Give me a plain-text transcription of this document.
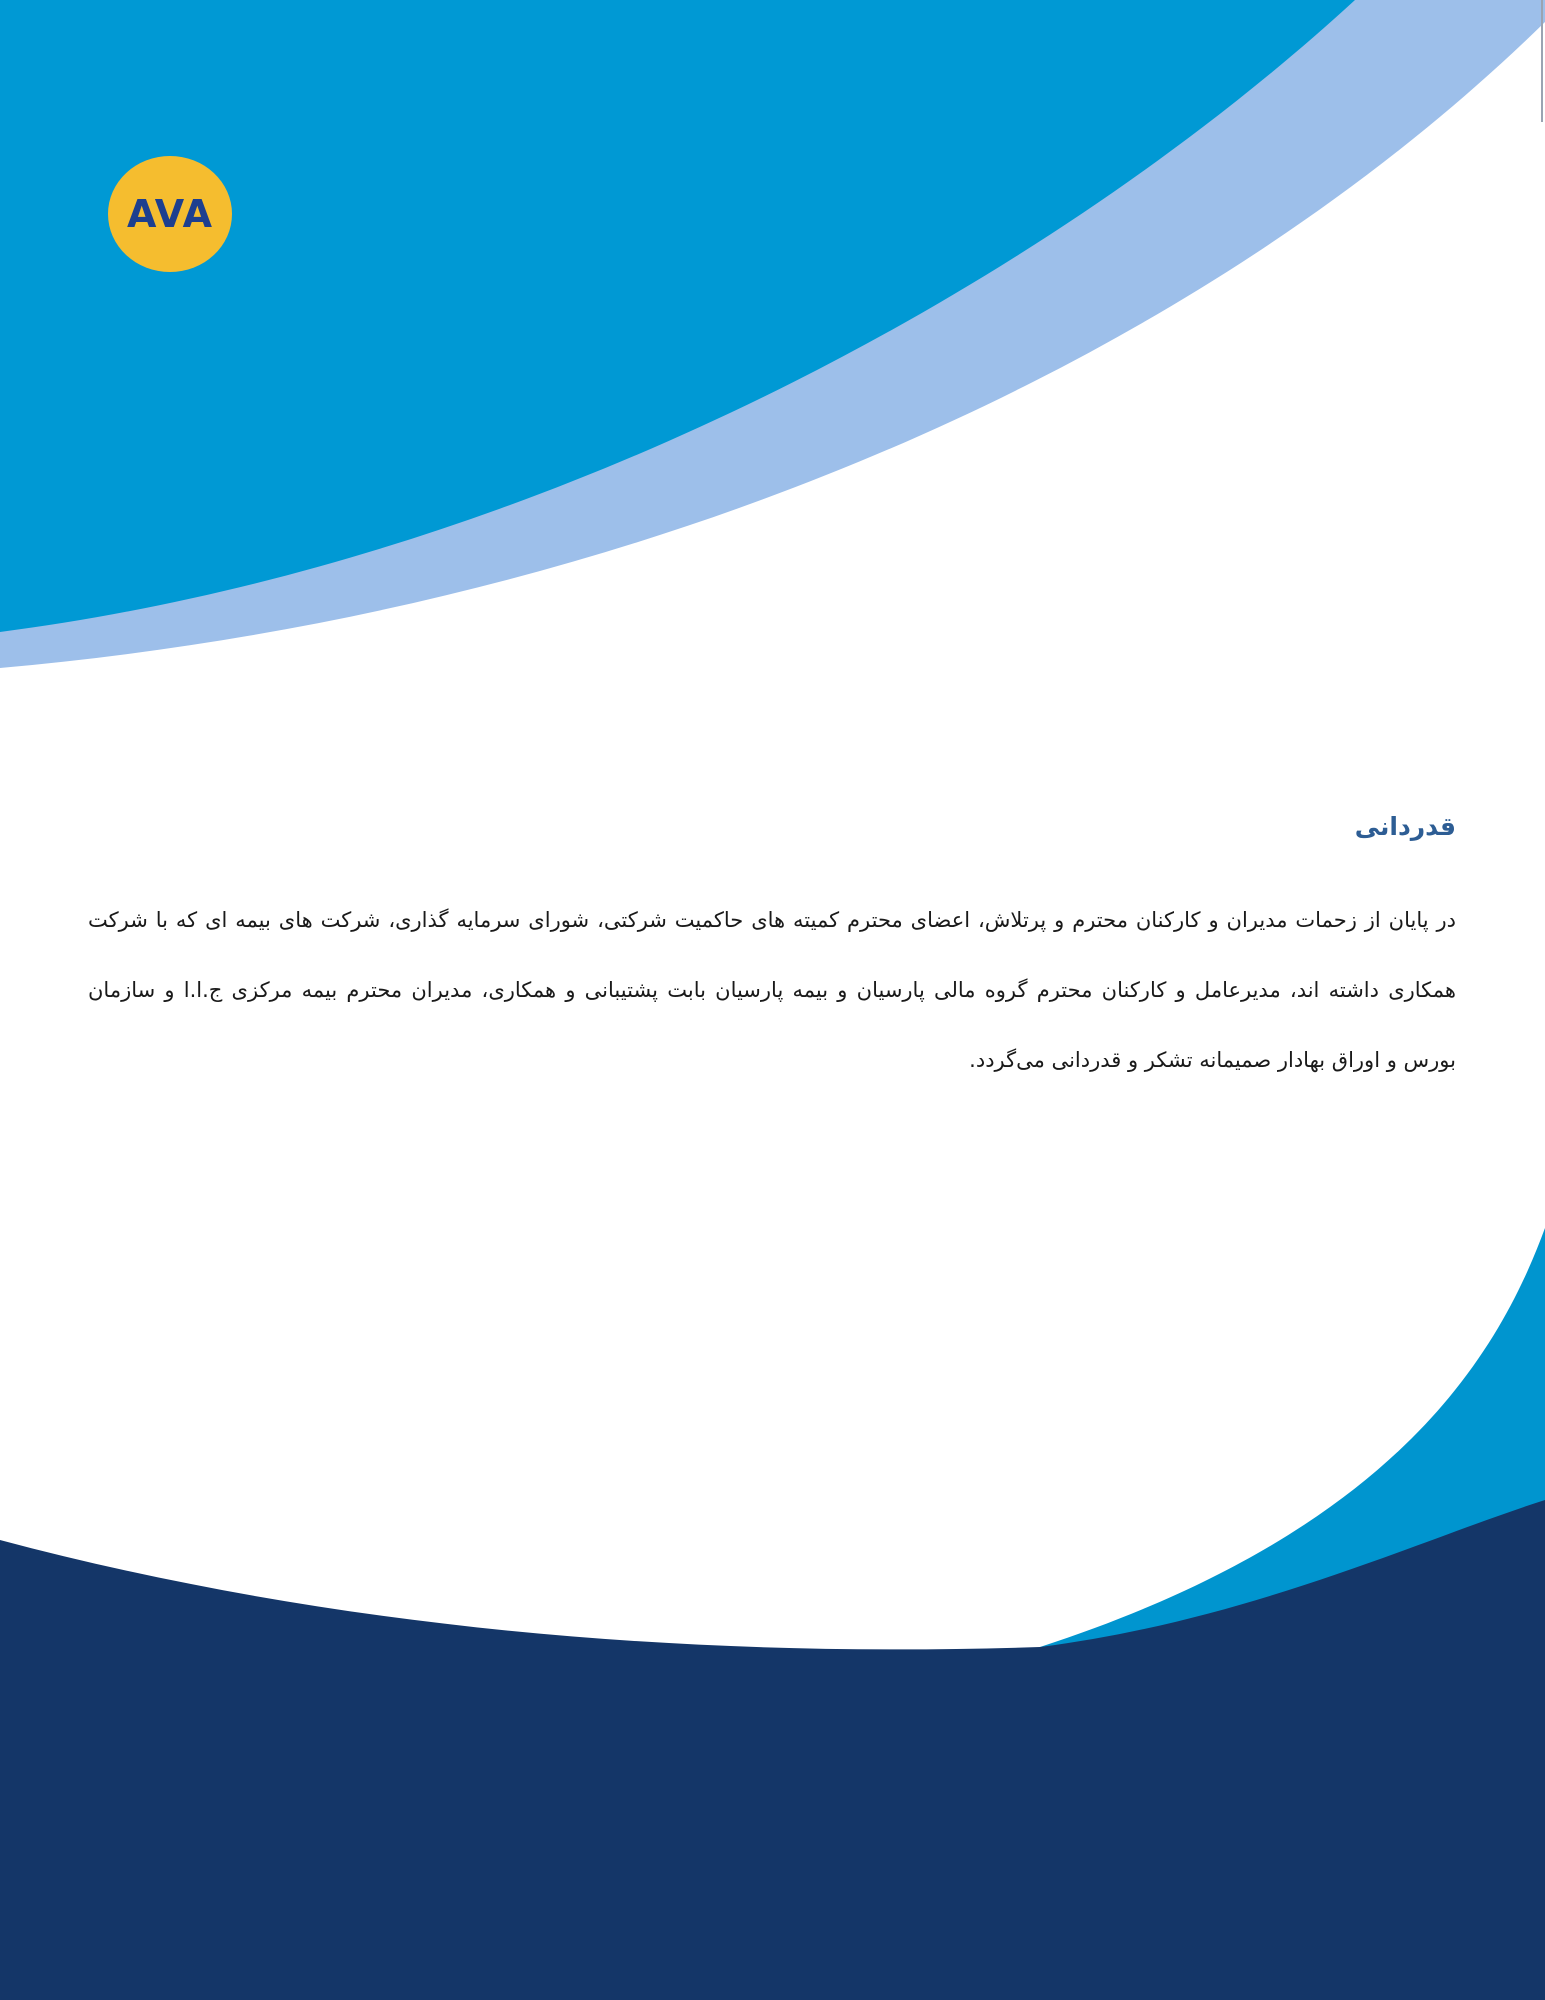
AVA
قدردانی

در پایان از زحمات مدیران و کارکنان محترم و پرتلاش، اعضای محترم کمیته های حاکمیت شرکتی، شورای سرمایه گذاری، شرکت های بیمه ای که با شرکت همکاری داشته اند، مدیرعامل و کارکنان محترم گروه مالی پارسیان و بیمه پارسیان بابت پشتیبانی و همکاری، مدیران محترم بیمه مرکزی ج.ا.ا و سازمان بورس و اوراق بهادار صمیمانه تشکر و قدردانی می‌گردد.
